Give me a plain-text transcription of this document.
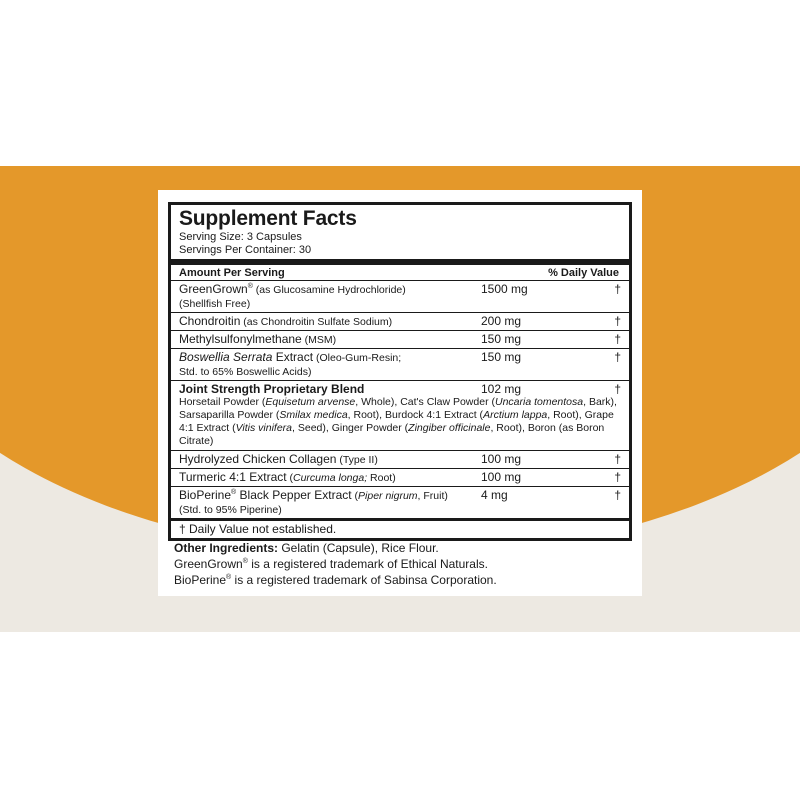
Supplement Facts
Serving Size: 3 Capsules
Servings Per Container: 30
Amount Per Serving	% Daily Value
GreenGrown® (as Glucosamine Hydrochloride)
(Shellfish Free)
1500 mg	†
Chondroitin (as Chondroitin Sulfate Sodium)	200 mg	†
Methylsulfonylmethane (MSM)	150 mg	†
Boswellia Serrata Extract (Oleo-Gum-Resin;
Std. to 65% Boswellic Acids)
150 mg	†
Joint Strength Proprietary Blend	102 mg	†
Horsetail Powder (Equisetum arvense, Whole), Cat's Claw Powder (Uncaria tomentosa, Bark), Sarsaparilla Powder (Smilax medica, Root), Burdock 4:1 Extract (Arctium lappa, Root), Grape 4:1 Extract (Vitis vinifera, Seed), Ginger Powder (Zingiber officinale, Root), Boron (as Boron Citrate)
Hydrolyzed Chicken Collagen (Type II)	100 mg	†
Turmeric 4:1 Extract (Curcuma longa; Root)	100 mg	†
BioPerine® Black Pepper Extract (Piper nigrum, Fruit)
(Std. to 95% Piperine)
4 mg	†
† Daily Value not established.
Other Ingredients: Gelatin (Capsule), Rice Flour.
GreenGrown® is a registered trademark of Ethical Naturals.
BioPerine® is a registered trademark of Sabinsa Corporation.
